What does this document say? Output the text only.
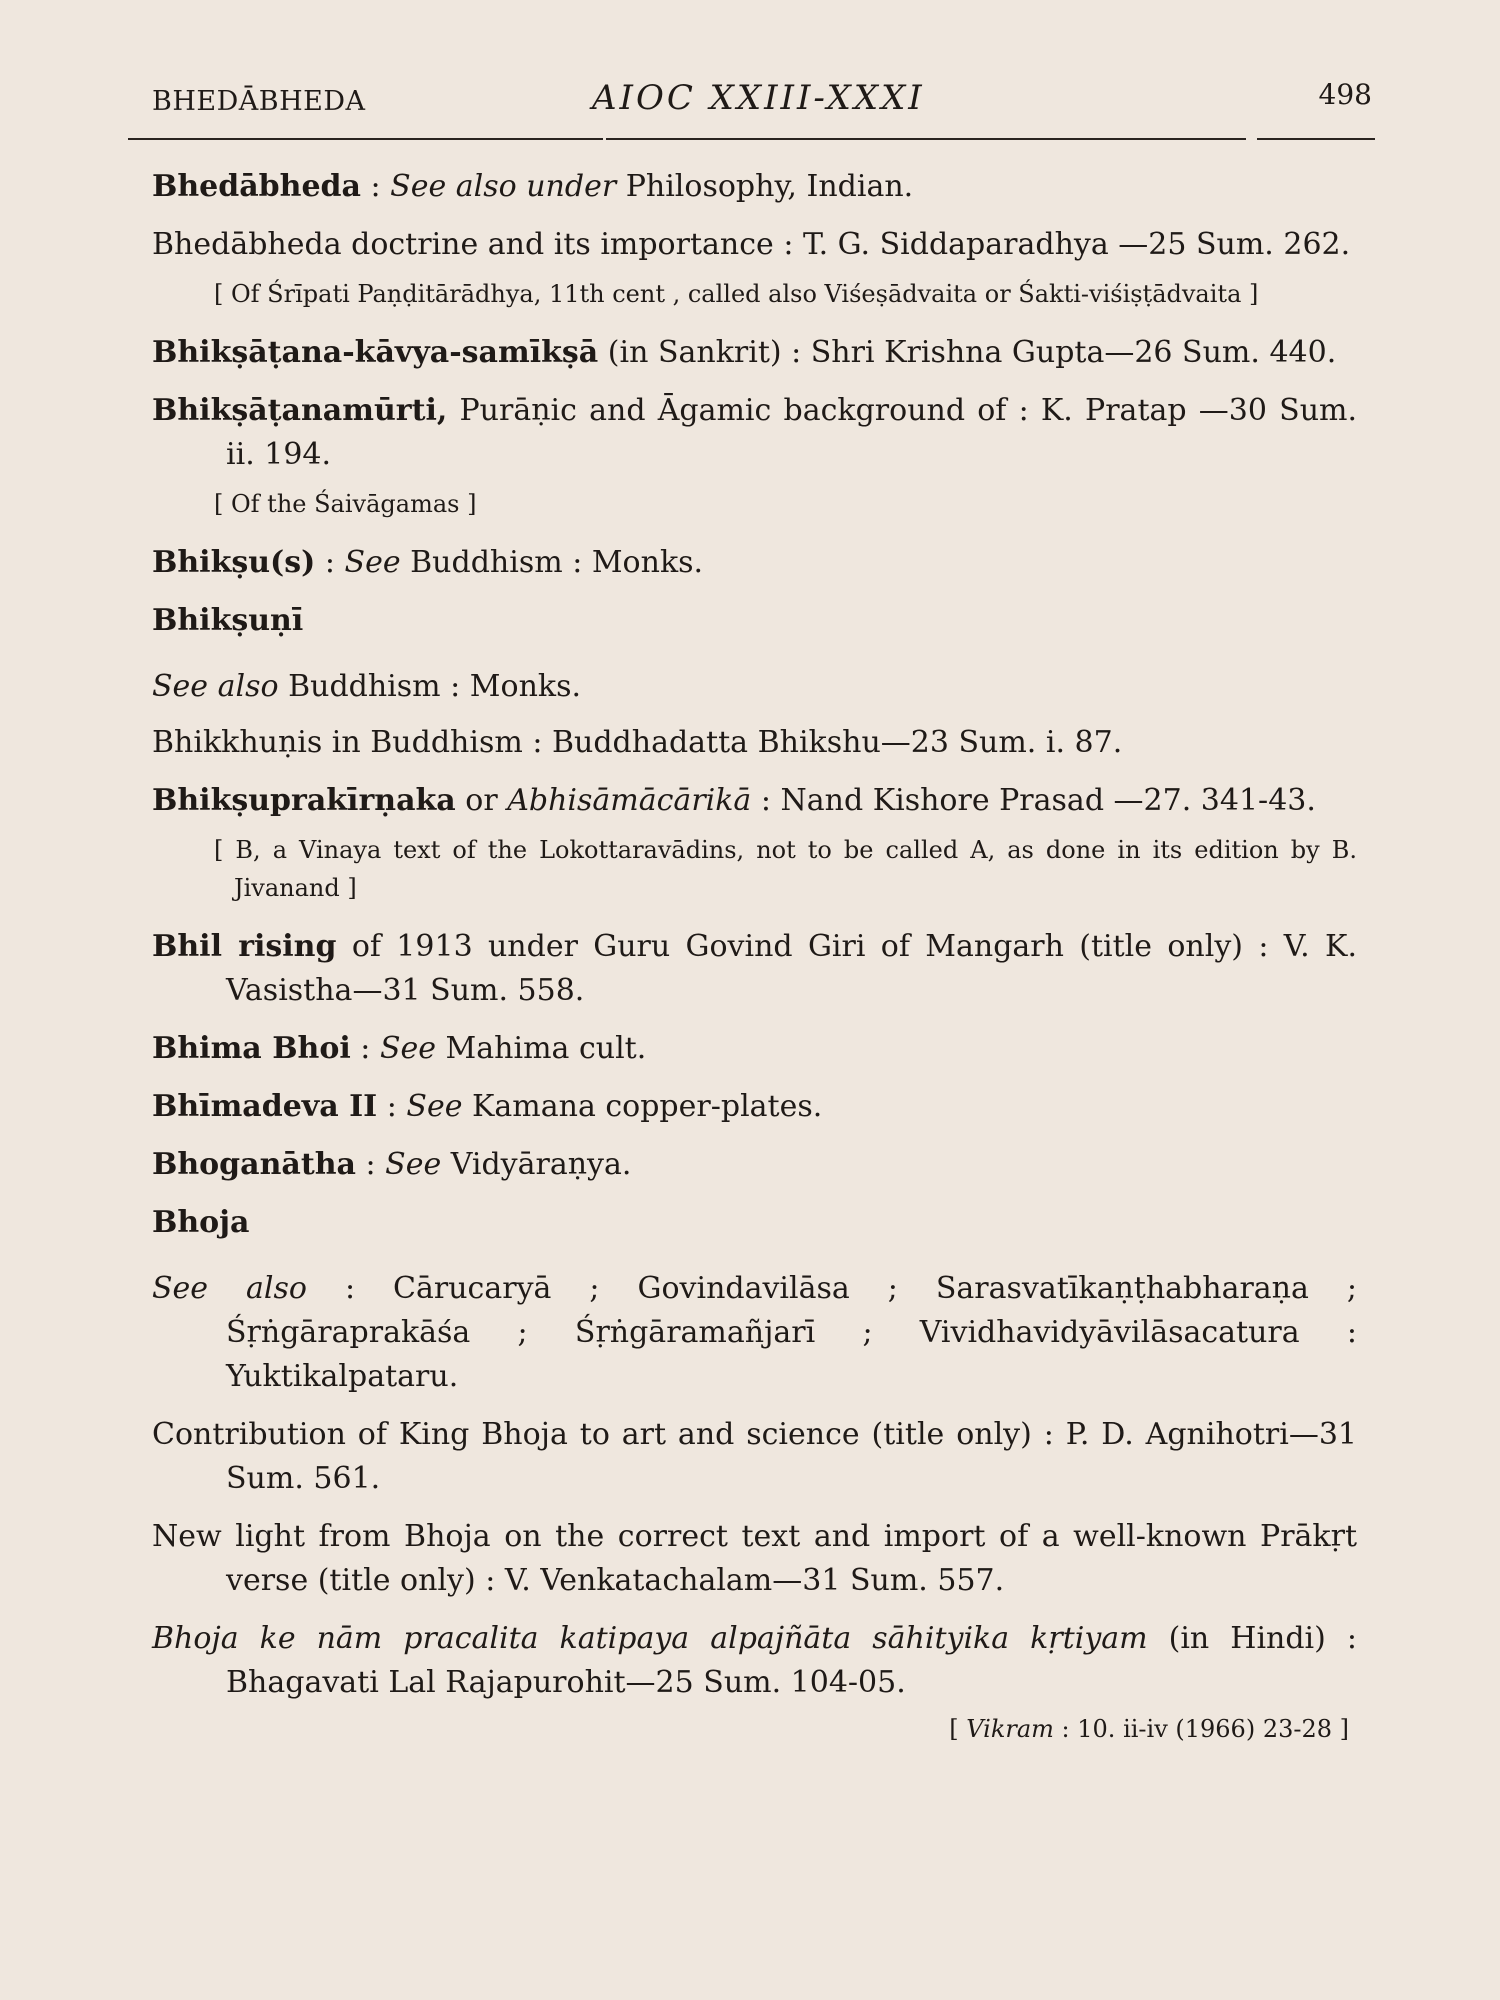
BHEDĀBHEDA	AIOC XXIII-XXXI	498

Bhedābheda : See also under Philosophy, Indian.

Bhedābheda doctrine and its importance : T. G. Siddaparadhya —25 Sum. 262.

[ Of Śrīpati Paṇḍitārādhya, 11th cent , called also Viśeṣādvaita or Śakti-viśiṣṭādvaita ]

Bhikṣāṭana-kāvya-samīkṣā (in Sankrit) : Shri Krishna Gupta—26 Sum. 440.

Bhikṣāṭanamūrti, Purāṇic and Āgamic background of : K. Pratap —30 Sum. ii. 194.

[ Of the Śaivāgamas ]

Bhikṣu(s) : See Buddhism : Monks.

Bhikṣuṇī

See also Buddhism : Monks.

Bhikkhuṇis in Buddhism : Buddhadatta Bhikshu—23 Sum. i. 87.

Bhikṣuprakīrṇaka or Abhisāmācārikā : Nand Kishore Prasad —27. 341-43.

[ B, a Vinaya text of the Lokottaravādins, not to be called A, as done in its edition by B. Jivanand ]

Bhil rising of 1913 under Guru Govind Giri of Mangarh (title only) : V. K. Vasistha—31 Sum. 558.

Bhima Bhoi : See Mahima cult.

Bhīmadeva II : See Kamana copper-plates.

Bhoganātha : See Vidyāraṇya.

Bhoja

See also : Cārucaryā ; Govindavilāsa ; Sarasvatīkaṇṭhabharaṇa ; Śṛṅgāraprakāśa ; Śṛṅgāramañjarī ; Vividhavidyāvilāsacatura : Yuktikalpataru.

Contribution of King Bhoja to art and science (title only) : P. D. Agnihotri—31 Sum. 561.

New light from Bhoja on the correct text and import of a well-known Prākṛt verse (title only) : V. Venkatachalam—31 Sum. 557.

Bhoja ke nām pracalita katipaya alpajñāta sāhityika kṛtiyam (in Hindi) : Bhagavati Lal Rajapurohit—25 Sum. 104-05.

[ Vikram : 10. ii-iv (1966) 23-28 ]
